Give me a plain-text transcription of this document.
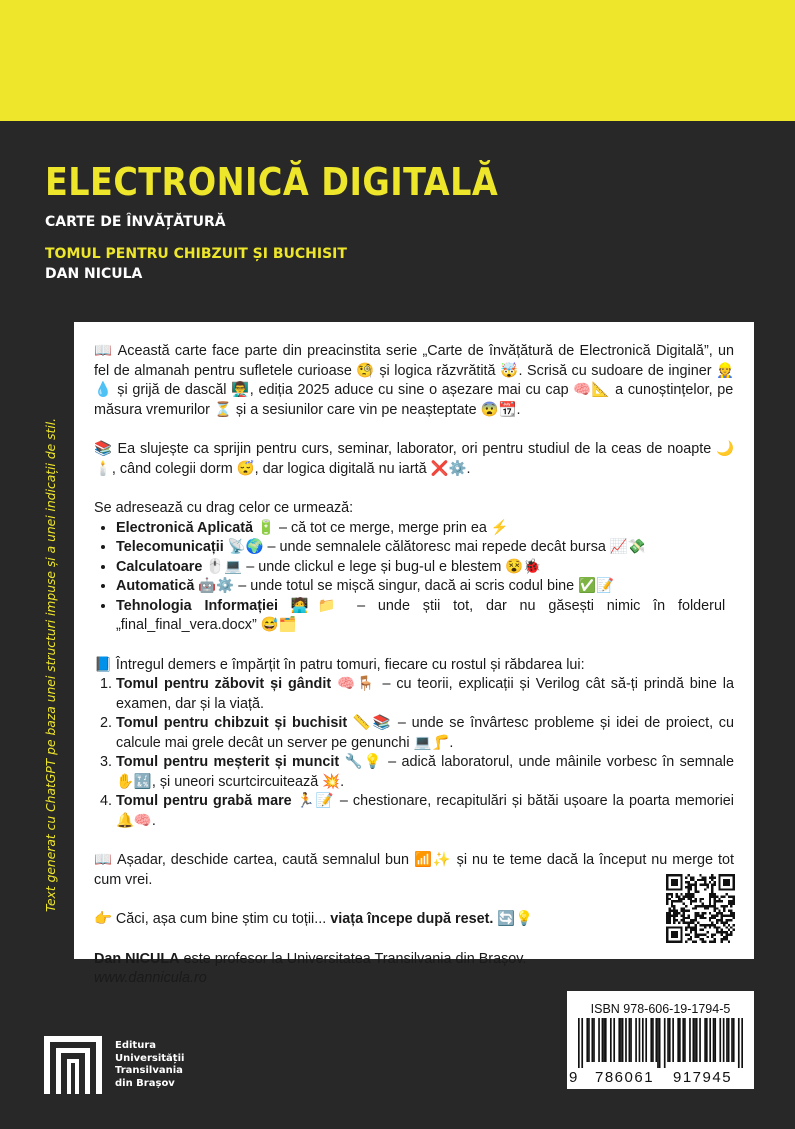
ELECTRONICĂ DIGITALĂ
CARTE DE ÎNVĂȚĂTURĂ
TOMUL PENTRU CHIBZUIT ȘI BUCHISIT
DAN NICULA
Text generat cu ChatGPT pe baza unei structuri impuse și a unei indicații de stil.

📖 Această carte face parte din preacinstita serie „Carte de învățătură de Electronică Digitală”, un fel de almanah pentru sufletele curioase 🧐 și logica răzvrătită 🤯. Scrisă cu sudoare de inginer 👷💧 și grijă de dascăl 👨‍🏫, ediția 2025 aduce cu sine o așezare mai cu cap 🧠📐 a cunoștințelor, pe măsura vremurilor ⏳ și a sesiunilor care vin pe neașteptate 😨📆.

📚 Ea slujește ca sprijin pentru curs, seminar, laborator, ori pentru studiul de la ceas de noapte 🌙🕯️, când colegii dorm 😴, dar logica digitală nu iartă ❌⚙️.

Se adresează cu drag celor ce urmează:

• Electronică Aplicată 🔋 – că tot ce merge, merge prin ea ⚡
• Telecomunicații 📡🌍 – unde semnalele călătoresc mai repede decât bursa 📈💸
• Calculatoare 🖱️💻 – unde clickul e lege și bug-ul e blestem 😵🐞
• Automatică 🤖⚙️ – unde totul se mișcă singur, dacă ai scris codul bine ✅📝
• Tehnologia Informației 🧑‍💻📁 – unde știi tot, dar nu găsești nimic în folderul „final_final_vera.docx” 😅🗂️

📘 Întregul demers e împărțit în patru tomuri, fiecare cu rostul și răbdarea lui:

1. Tomul pentru zăbovit și gândit 🧠🪑 – cu teorii, explicații și Verilog cât să-ți prindă bine la examen, dar și la viață.
2. Tomul pentru chibzuit și buchisit 📏📚 – unde se învârtesc probleme și idei de proiect, cu calcule mai grele decât un server pe genunchi 💻🦵.
3. Tomul pentru meșterit și muncit 🔧💡 – adică laboratorul, unde mâinile vorbesc în semnale ✋🔣, și uneori scurtcircuitează 💥.
4. Tomul pentru grabă mare 🏃📝 – chestionare, recapitulări și bătăi ușoare la poarta memoriei 🔔🧠.

📖 Așadar, deschide cartea, caută semnalul bun 📶✨ și nu te teme dacă la început nu merge tot cum vrei.

👉 Căci, așa cum bine știm cu toții... viața începe după reset. 🔄💡

Dan NICULA este profesor la Universitatea Transilvania din Brașov.

www.dannicula.ro

Editura
Universității
Transilvania
din Brașov
ISBN 978-606-19-1794-5
9 786061 917945
